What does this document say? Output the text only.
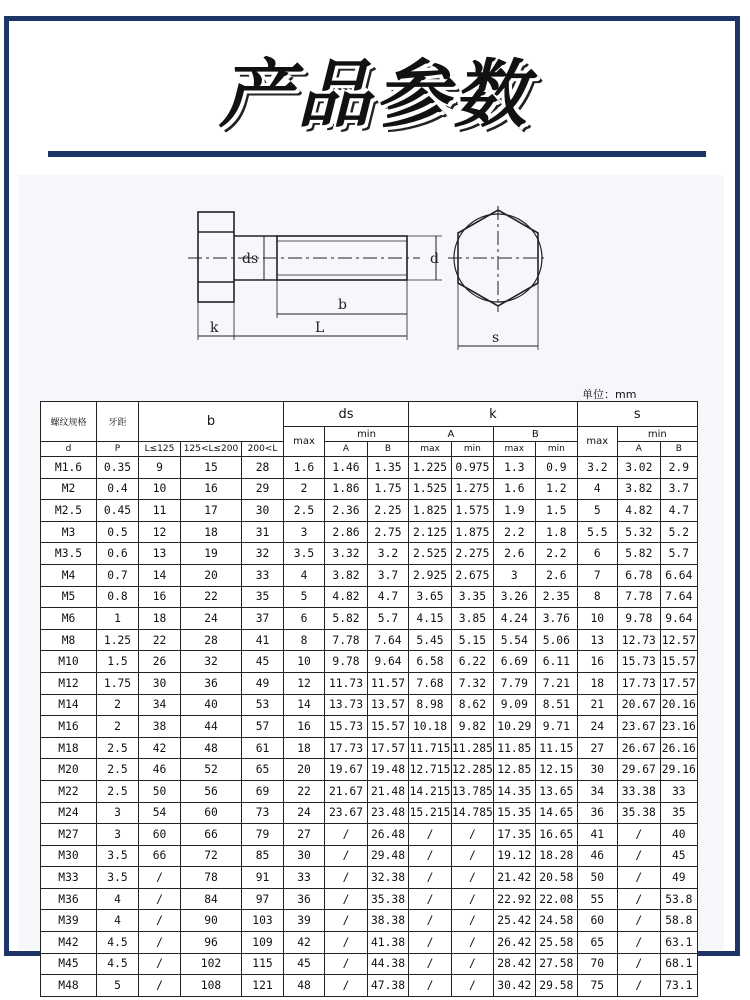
产品参数
ds	d
b
k	L
s
单位：mm
螺纹规格	牙距	b			ds			k				s		
					max	min		A		B		max	min	
d	P	L≤125	125<L≤200	200<L		A	B	max	min	max	min		A	B
M1.6	0.35	9	15	28	1.6	1.46	1.35	1.225	0.975	1.3	0.9	3.2	3.02	2.9
M2	0.4	10	16	29	2	1.86	1.75	1.525	1.275	1.6	1.2	4	3.82	3.7
M2.5	0.45	11	17	30	2.5	2.36	2.25	1.825	1.575	1.9	1.5	5	4.82	4.7
M3	0.5	12	18	31	3	2.86	2.75	2.125	1.875	2.2	1.8	5.5	5.32	5.2
M3.5	0.6	13	19	32	3.5	3.32	3.2	2.525	2.275	2.6	2.2	6	5.82	5.7
M4	0.7	14	20	33	4	3.82	3.7	2.925	2.675	3	2.6	7	6.78	6.64
M5	0.8	16	22	35	5	4.82	4.7	3.65	3.35	3.26	2.35	8	7.78	7.64
M6	1	18	24	37	6	5.82	5.7	4.15	3.85	4.24	3.76	10	9.78	9.64
M8	1.25	22	28	41	8	7.78	7.64	5.45	5.15	5.54	5.06	13	12.73	12.57
M10	1.5	26	32	45	10	9.78	9.64	6.58	6.22	6.69	6.11	16	15.73	15.57
M12	1.75	30	36	49	12	11.73	11.57	7.68	7.32	7.79	7.21	18	17.73	17.57
M14	2	34	40	53	14	13.73	13.57	8.98	8.62	9.09	8.51	21	20.67	20.16
M16	2	38	44	57	16	15.73	15.57	10.18	9.82	10.29	9.71	24	23.67	23.16
M18	2.5	42	48	61	18	17.73	17.57	11.715	11.285	11.85	11.15	27	26.67	26.16
M20	2.5	46	52	65	20	19.67	19.48	12.715	12.285	12.85	12.15	30	29.67	29.16
M22	2.5	50	56	69	22	21.67	21.48	14.215	13.785	14.35	13.65	34	33.38	33
M24	3	54	60	73	24	23.67	23.48	15.215	14.785	15.35	14.65	36	35.38	35
M27	3	60	66	79	27	/	26.48	/	/	17.35	16.65	41	/	40
M30	3.5	66	72	85	30	/	29.48	/	/	19.12	18.28	46	/	45
M33	3.5	/	78	91	33	/	32.38	/	/	21.42	20.58	50	/	49
M36	4	/	84	97	36	/	35.38	/	/	22.92	22.08	55	/	53.8
M39	4	/	90	103	39	/	38.38	/	/	25.42	24.58	60	/	58.8
M42	4.5	/	96	109	42	/	41.38	/	/	26.42	25.58	65	/	63.1
M45	4.5	/	102	115	45	/	44.38	/	/	28.42	27.58	70	/	68.1
M48	5	/	108	121	48	/	47.38	/	/	30.42	29.58	75	/	73.1
